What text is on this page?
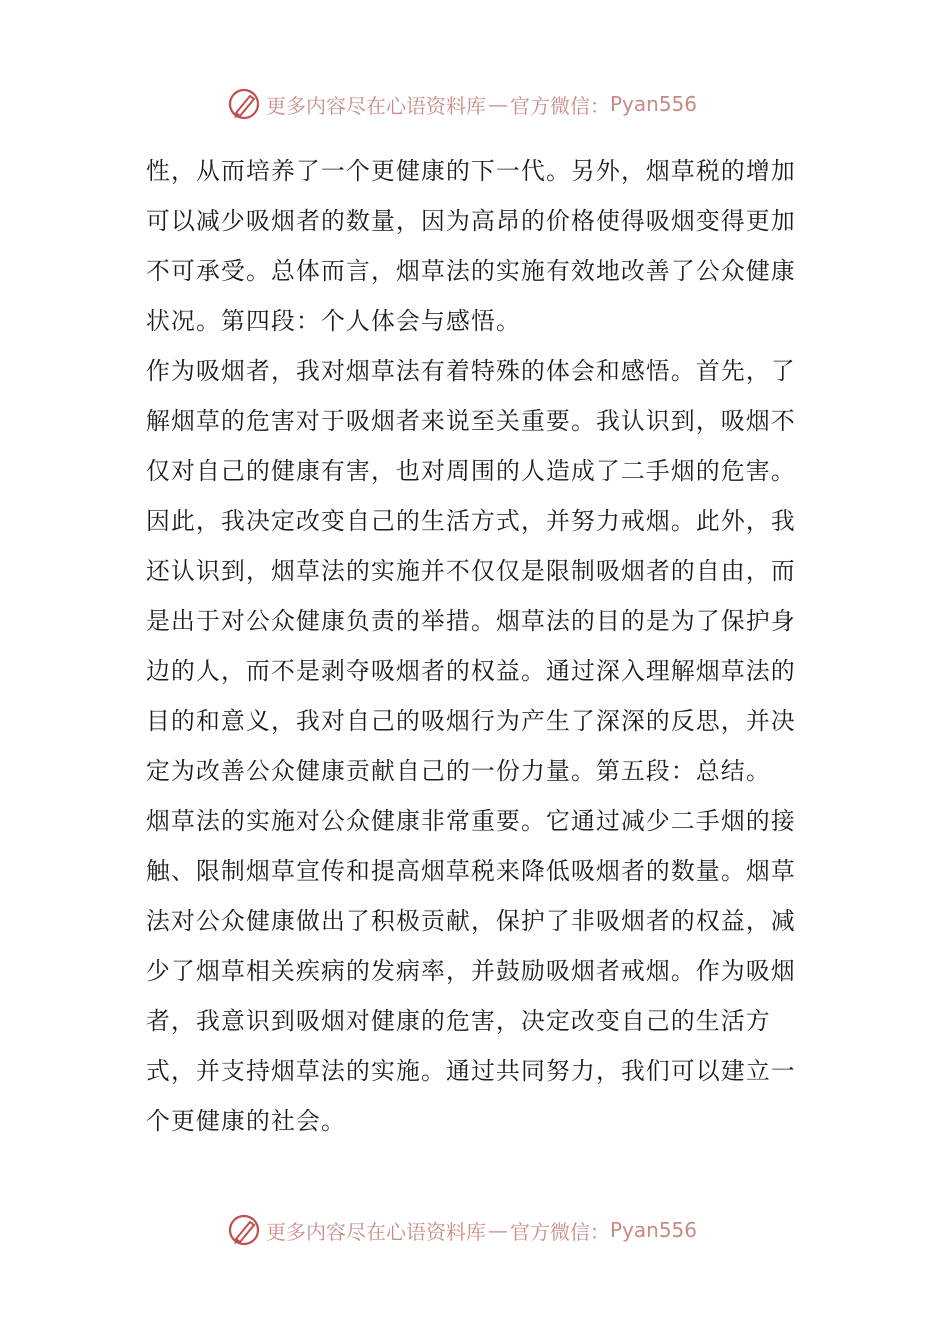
更多内容尽在心语资料库 — 官方微信： Pyan556

性，从而培养了一个更健康的下一代。另外，烟草税的增加可以减少吸烟者的数量，因为高昂的价格使得吸烟变得更加不可承受。总体而言，烟草法的实施有效地改善了公众健康状况。第四段：个人体会与感悟。

作为吸烟者，我对烟草法有着特殊的体会和感悟。首先，了解烟草的危害对于吸烟者来说至关重要。我认识到，吸烟不仅对自己的健康有害，也对周围的人造成了二手烟的危害。因此，我决定改变自己的生活方式，并努力戒烟。此外，我还认识到，烟草法的实施并不仅仅是限制吸烟者的自由，而是出于对公众健康负责的举措。烟草法的目的是为了保护身边的人，而不是剥夺吸烟者的权益。通过深入理解烟草法的目的和意义，我对自己的吸烟行为产生了深深的反思，并决定为改善公众健康贡献自己的一份力量。第五段：总结。

烟草法的实施对公众健康非常重要。它通过减少二手烟的接触、限制烟草宣传和提高烟草税来降低吸烟者的数量。烟草法对公众健康做出了积极贡献，保护了非吸烟者的权益，减少了烟草相关疾病的发病率，并鼓励吸烟者戒烟。作为吸烟者，我意识到吸烟对健康的危害，决定改变自己的生活方式，并支持烟草法的实施。通过共同努力，我们可以建立一个更健康的社会。

更多内容尽在心语资料库 — 官方微信： Pyan556
